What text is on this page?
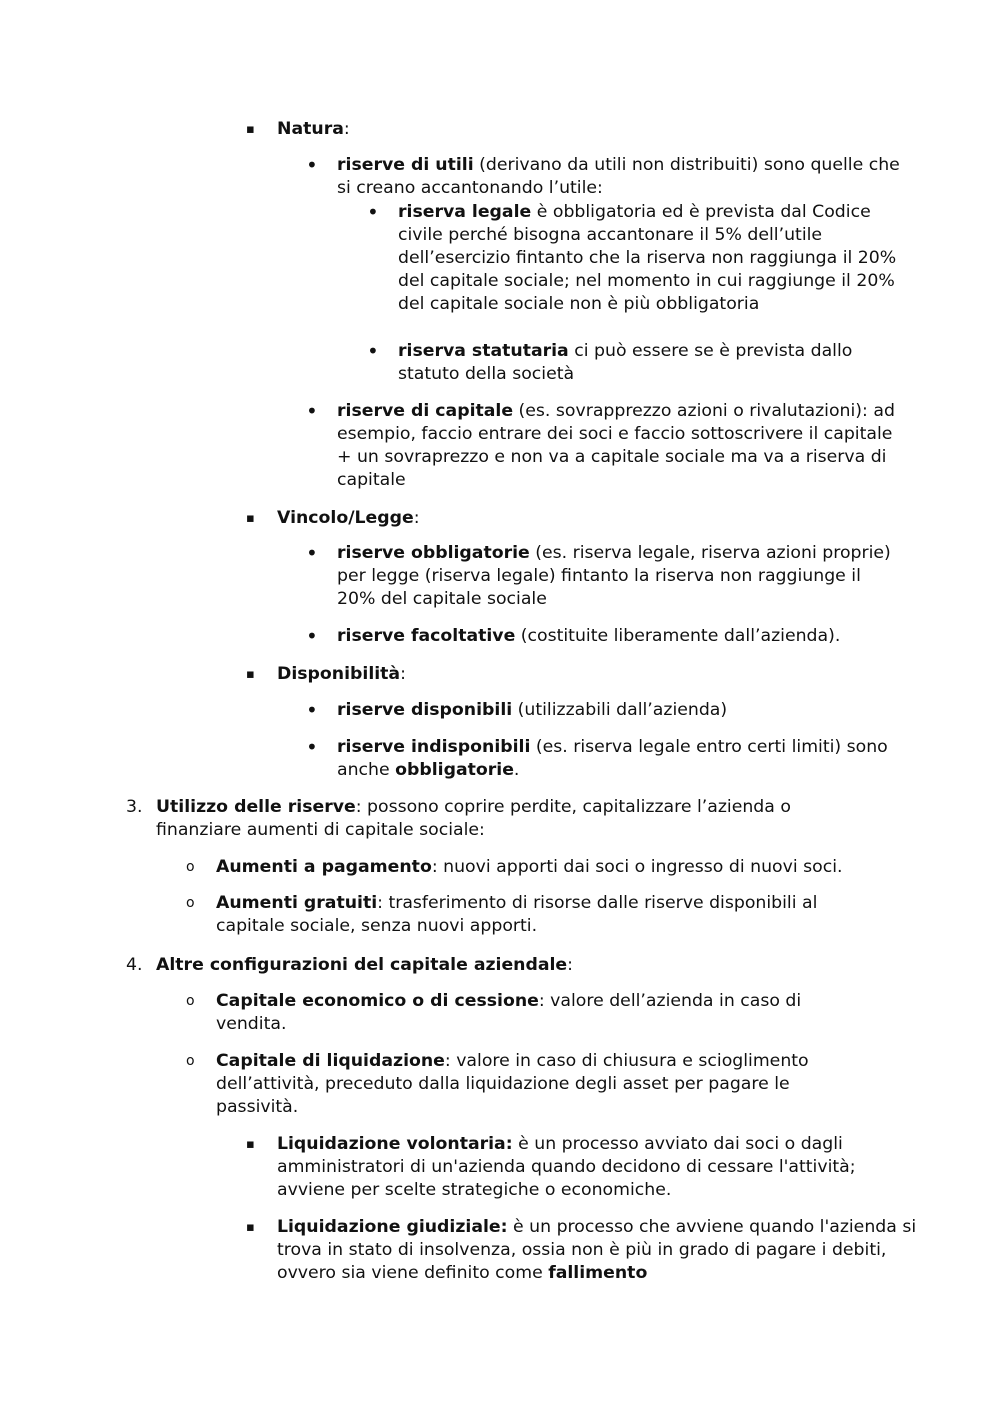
▪ Natura:

• riserve di utili (derivano da utili non distribuiti) sono quelle che si creano accantonando l’utile:

• riserva legale è obbligatoria ed è prevista dal Codice civile perché bisogna accantonare il 5% dell’utile dell’esercizio fintanto che la riserva non raggiunga il 20% del capitale sociale; nel momento in cui raggiunge il 20% del capitale sociale non è più obbligatoria

• riserva statutaria ci può essere se è prevista dallo statuto della società

• riserve di capitale (es. sovrapprezzo azioni o rivalutazioni): ad esempio, faccio entrare dei soci e faccio sottoscrivere il capitale + un sovraprezzo e non va a capitale sociale ma va a riserva di capitale

▪ Vincolo/Legge:

• riserve obbligatorie (es. riserva legale, riserva azioni proprie) per legge (riserva legale) fintanto la riserva non raggiunge il 20% del capitale sociale

• riserve facoltative (costituite liberamente dall’azienda).

▪ Disponibilità:

• riserve disponibili (utilizzabili dall’azienda)

• riserve indisponibili (es. riserva legale entro certi limiti) sono anche obbligatorie.

3. Utilizzo delle riserve: possono coprire perdite, capitalizzare l’azienda o finanziare aumenti di capitale sociale:

o Aumenti a pagamento: nuovi apporti dai soci o ingresso di nuovi soci.

o Aumenti gratuiti: trasferimento di risorse dalle riserve disponibili al capitale sociale, senza nuovi apporti.

4. Altre configurazioni del capitale aziendale:

o Capitale economico o di cessione: valore dell’azienda in caso di vendita.

o Capitale di liquidazione: valore in caso di chiusura e scioglimento dell’attività, preceduto dalla liquidazione degli asset per pagare le passività.

▪ Liquidazione volontaria: è un processo avviato dai soci o dagli amministratori di un'azienda quando decidono di cessare l'attività; avviene per scelte strategiche o economiche.

▪ Liquidazione giudiziale: è un processo che avviene quando l'azienda si trova in stato di insolvenza, ossia non è più in grado di pagare i debiti, ovvero sia viene definito come fallimento
